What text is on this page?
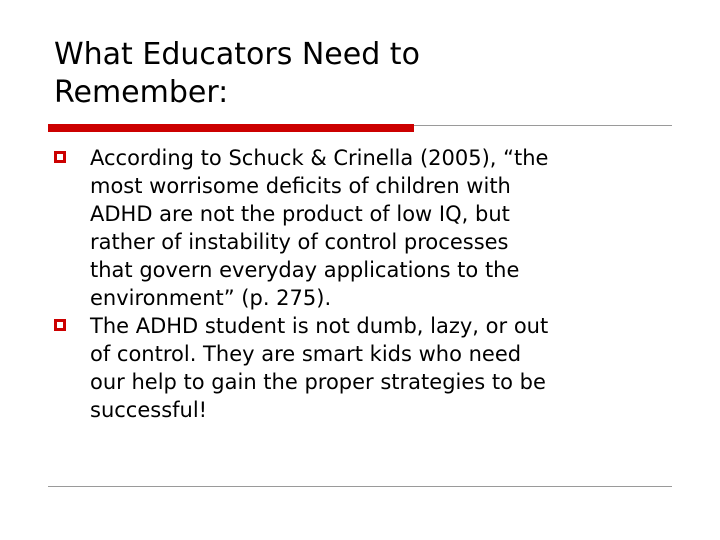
What Educators Need to
Remember:
According to Schuck & Crinella (2005), “the
most worrisome deficits of children with
ADHD are not the product of low IQ, but
rather of instability of control processes
that govern everyday applications to the
environment” (p. 275).
The ADHD student is not dumb, lazy, or out
of control. They are smart kids who need
our help to gain the proper strategies to be
successful!
